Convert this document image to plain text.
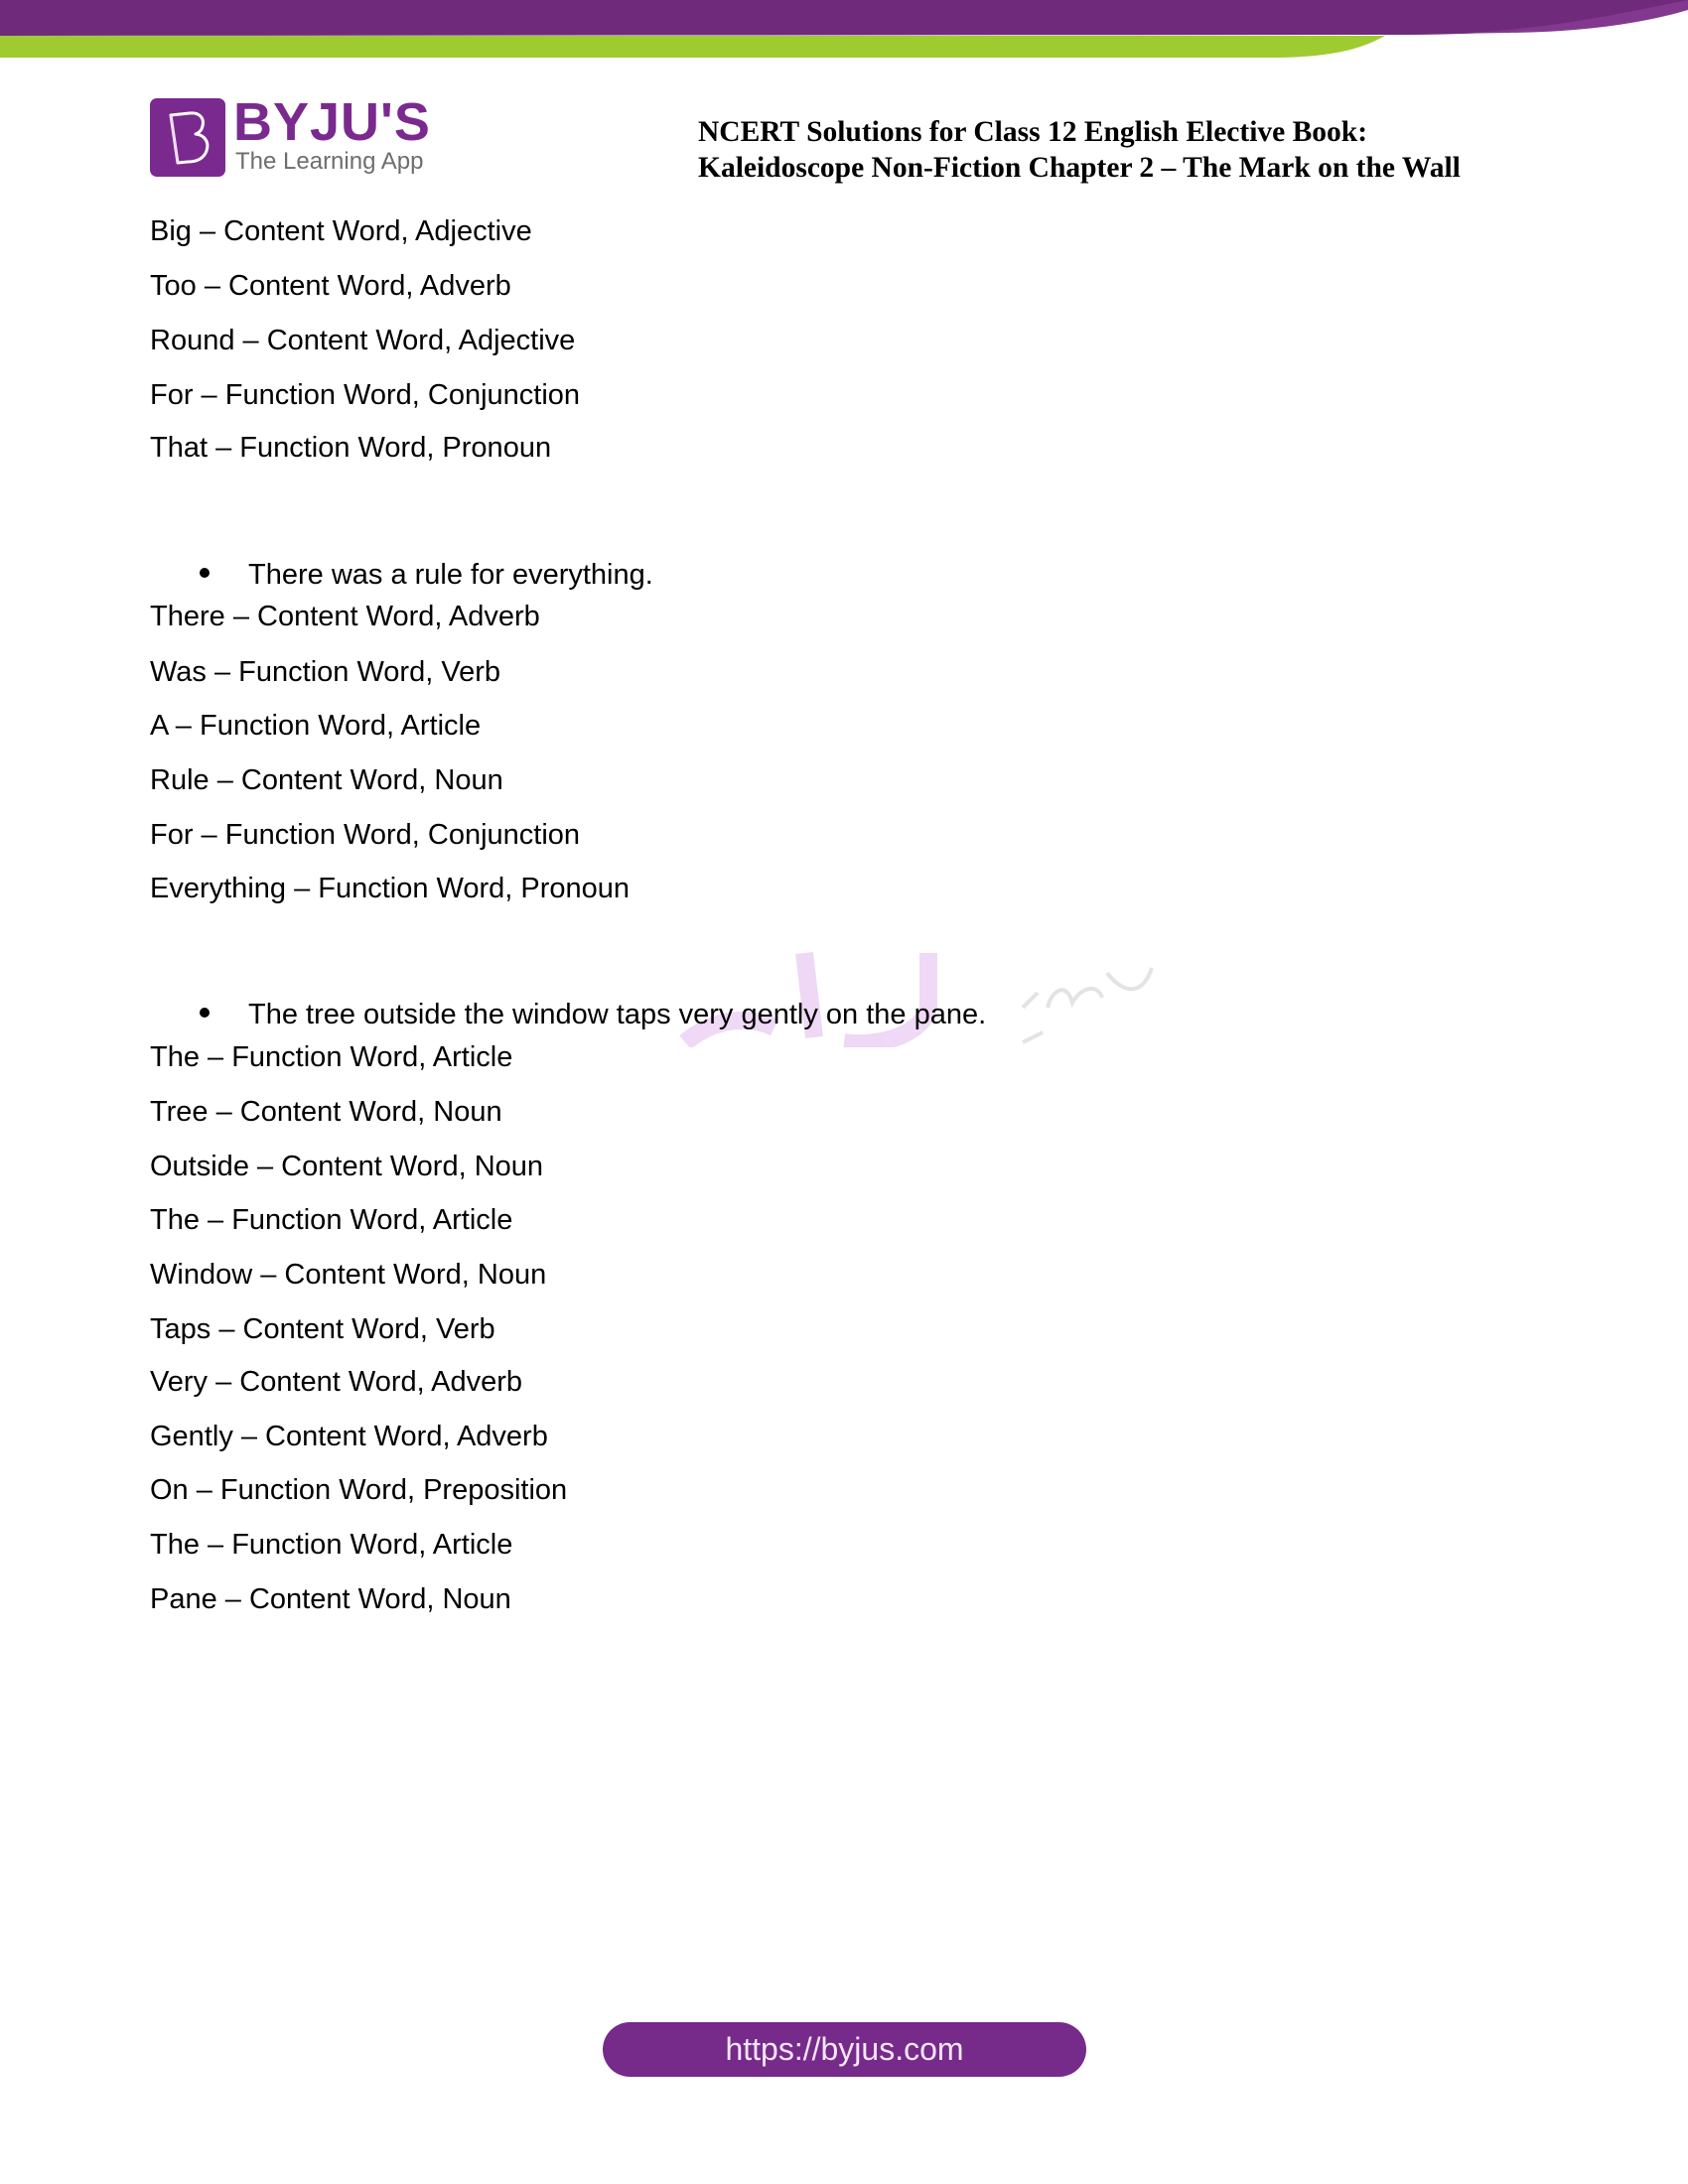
BYJU'S
The Learning App
NCERT Solutions for Class 12 English Elective Book:
Kaleidoscope Non-Fiction Chapter 2 – The Mark on the Wall
Big – Content Word, Adjective
Too – Content Word, Adverb
Round – Content Word, Adjective
For – Function Word, Conjunction
That – Function Word, Pronoun
There was a rule for everything.
There – Content Word, Adverb
Was – Function Word, Verb
A – Function Word, Article
Rule – Content Word, Noun
For – Function Word, Conjunction
Everything – Function Word, Pronoun
The tree outside the window taps very gently on the pane.
The – Function Word, Article
Tree – Content Word, Noun
Outside – Content Word, Noun
The – Function Word, Article
Window – Content Word, Noun
Taps – Content Word, Verb
Very – Content Word, Adverb
Gently – Content Word, Adverb
On – Function Word, Preposition
The – Function Word, Article
Pane – Content Word, Noun
https://byjus.com
